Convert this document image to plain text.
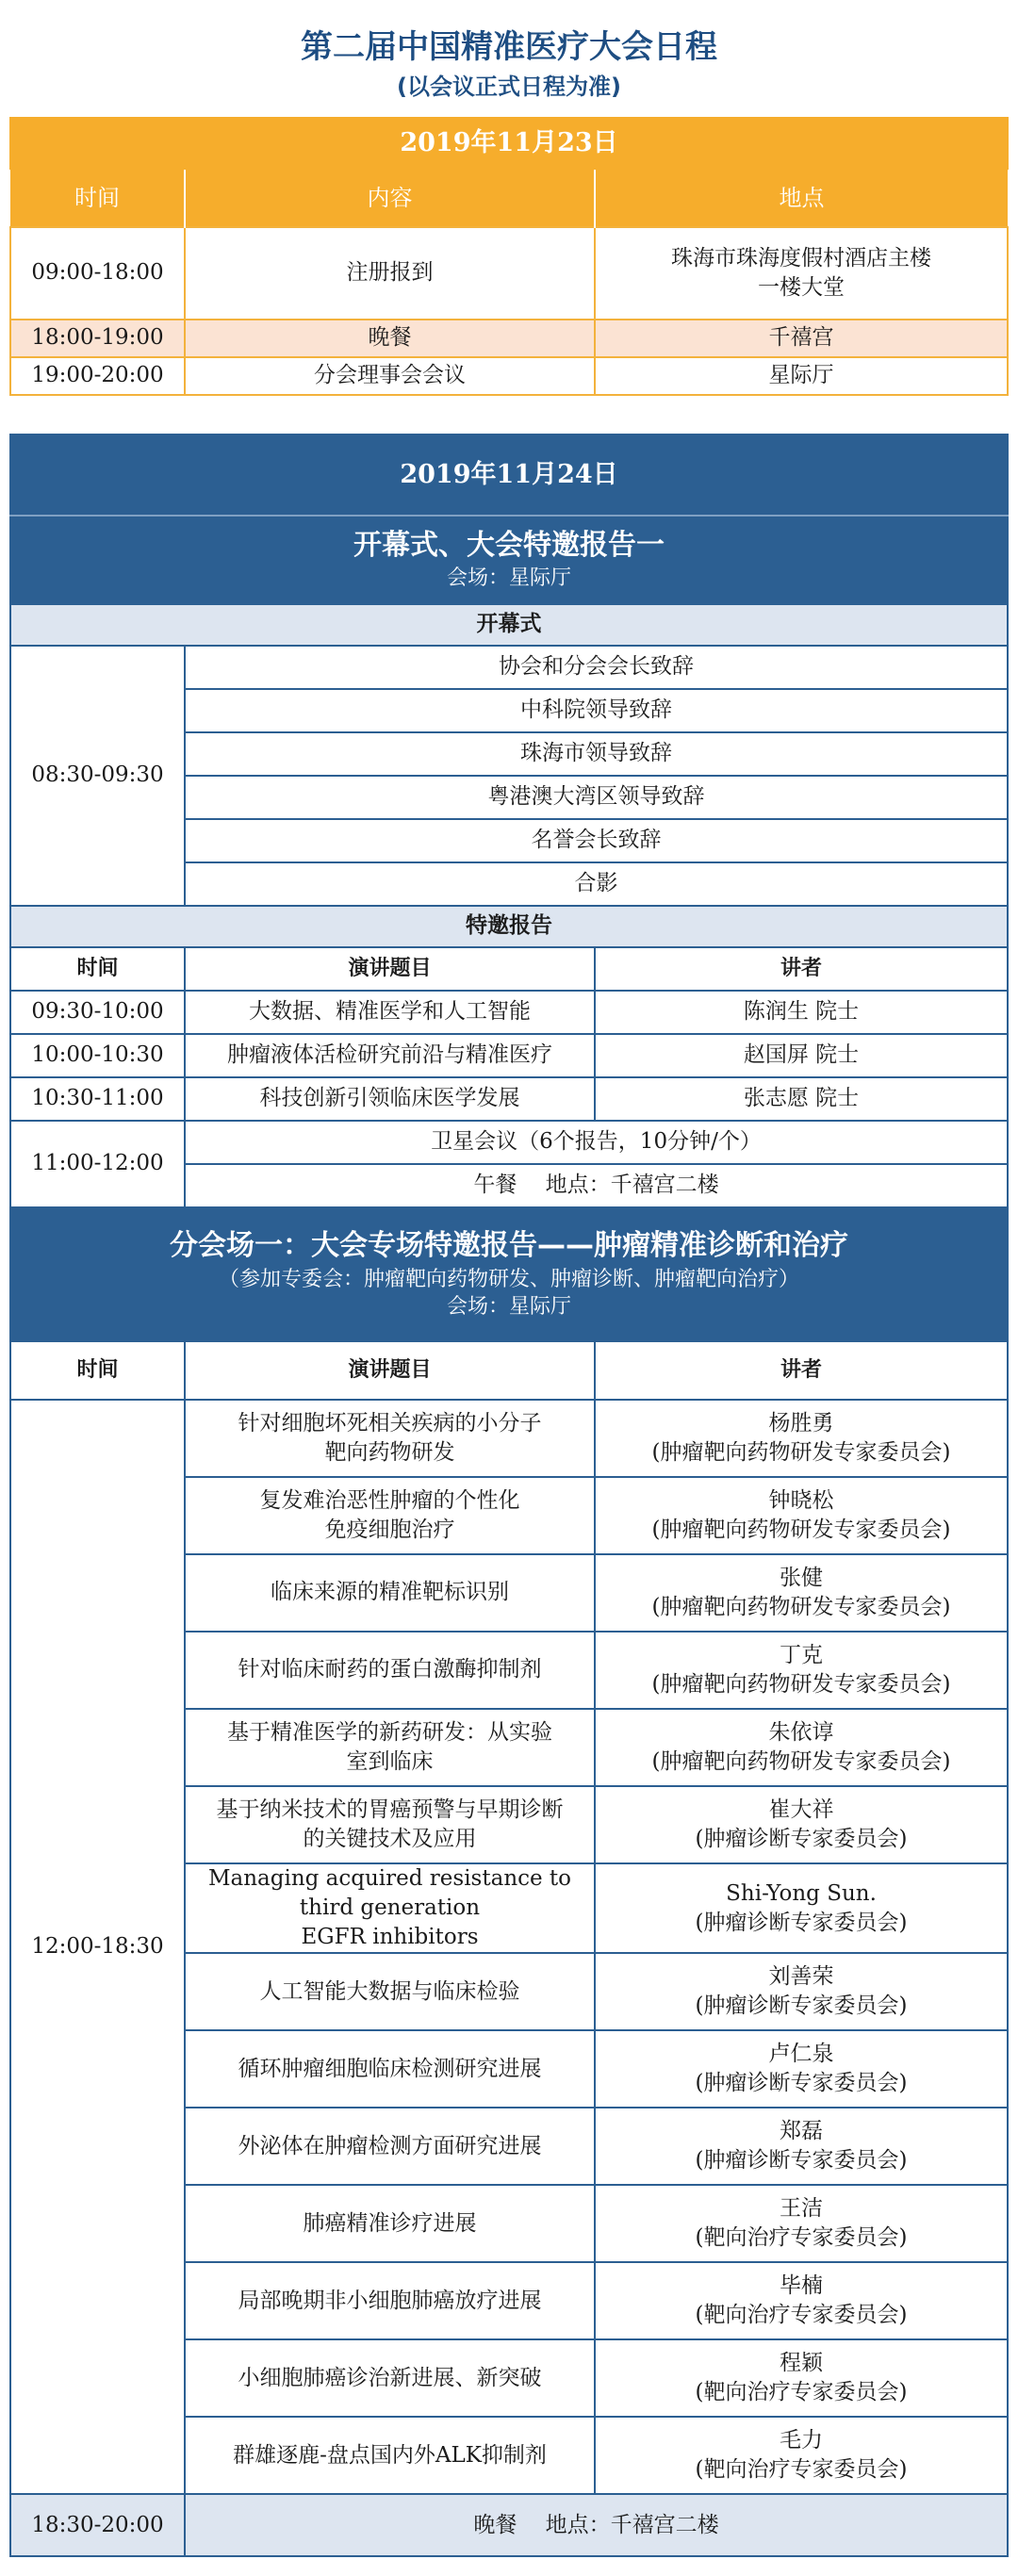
第二届中国精准医疗大会日程
(以会议正式日程为准)
2019年11月23日		
时间	内容	地点
09:00-18:00	注册报到	珠海市珠海度假村酒店主楼
一楼大堂

18:00-19:00	晚餐	千禧宫
19:00-20:00	分会理事会会议	星际厅
2019年11月24日		

开幕式、大会特邀报告一
会场：星际厅		

开幕式		
08:30-09:30	协会和分会会长致辞	
	中科院领导致辞	
	珠海市领导致辞	
	粤港澳大湾区领导致辞	
	名誉会长致辞	
	合影	
特邀报告		
时间	演讲题目	讲者
09:30-10:00	大数据、精准医学和人工智能	陈润生 院士
10:00-10:30	肿瘤液体活检研究前沿与精准医疗	赵国屏 院士
10:30-11:00	科技创新引领临床医学发展	张志愿 院士
11:00-12:00	卫星会议（6个报告，10分钟/个）	
	午餐　 地点：千禧宫二楼	
分会场一：大会专场特邀报告——肿瘤精准诊断和治疗
（参加专委会：肿瘤靶向药物研发、肿瘤诊断、肿瘤靶向治疗）
会场：星际厅		

时间	演讲题目	讲者
12:00-18:30	针对细胞坏死相关疾病的小分子
靶向药物研发	杨胜勇
(肿瘤靶向药物研发专家委员会)

	复发难治恶性肿瘤的个性化
免疫细胞治疗	钟晓松
(肿瘤靶向药物研发专家委员会)

	临床来源的精准靶标识别	张健
(肿瘤靶向药物研发专家委员会)

	针对临床耐药的蛋白激酶抑制剂	丁克
(肿瘤靶向药物研发专家委员会)

	基于精准医学的新药研发：从实验
室到临床	朱依谆
(肿瘤靶向药物研发专家委员会)

	基于纳米技术的胃癌预警与早期诊断
的关键技术及应用	崔大祥
(肿瘤诊断专家委员会)

	Managing acquired resistance to third generation
EGFR inhibitors	Shi-Yong Sun.
(肿瘤诊断专家委员会)

	人工智能大数据与临床检验	刘善荣
(肿瘤诊断专家委员会)

	循环肿瘤细胞临床检测研究进展	卢仁泉
(肿瘤诊断专家委员会)

	外泌体在肿瘤检测方面研究进展	郑磊
(肿瘤诊断专家委员会)

	肺癌精准诊疗进展	王洁
(靶向治疗专家委员会)

	局部晚期非小细胞肺癌放疗进展	毕楠
(靶向治疗专家委员会)

	小细胞肺癌诊治新进展、新突破	程颖
(靶向治疗专家委员会)

	群雄逐鹿-盘点国内外ALK抑制剂	毛力
(靶向治疗专家委员会)

18:30-20:00	晚餐　 地点：千禧宫二楼	
